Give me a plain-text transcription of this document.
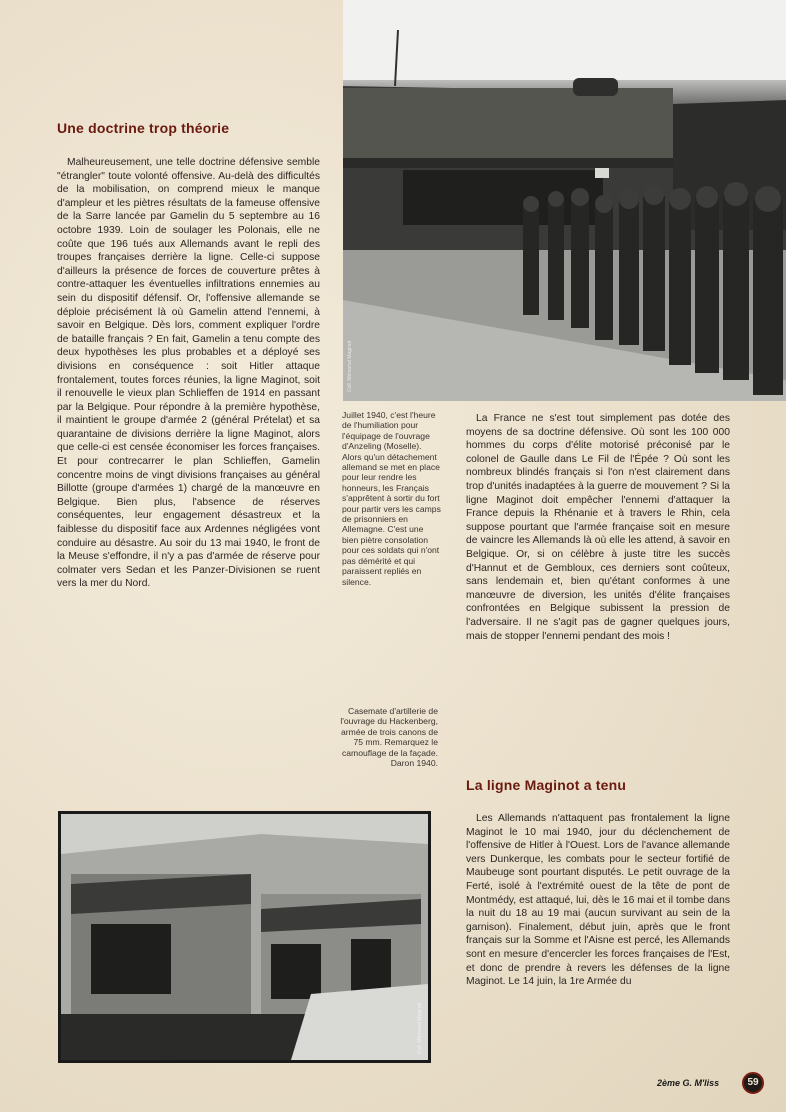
Coll. Mémorial Maginot
Une doctrine trop théorie

Malheureusement, une telle doctrine défensive semble "étrangler" toute volonté offensive. Au-delà des difficultés de la mobilisation, on comprend mieux le manque d'ampleur et les piètres résultats de la fameuse offensive de la Sarre lancée par Gamelin du 5 septembre au 16 octobre 1939. Loin de soulager les Polonais, elle ne coûte que 196 tués aux Allemands avant le repli des troupes françaises derrière la ligne. Celle-ci suppose d'ailleurs la présence de forces de couverture prêtes à contre-attaquer les éventuelles infiltrations ennemies au sein du dispositif défensif. Or, l'offensive allemande se déploie précisément là où Gamelin attend l'ennemi, à savoir en Belgique. Dès lors, comment expliquer l'ordre de bataille français ? En fait, Gamelin a tenu compte des deux hypothèses les plus probables et a déployé ses divisions en conséquence : soit Hitler attaque frontalement, toutes forces réunies, la ligne Maginot, soit il renouvelle le vieux plan Schlieffen de 1914 en passant par la Belgique. Pour répondre à la première hypothèse, il maintient le groupe d'armée 2 (général Prételat) et sa quarantaine de divisions derrière la ligne Maginot, alors que celle-ci est censée économiser les forces françaises. Et pour contrecarrer le plan Schlieffen, Gamelin concentre moins de vingt divisions françaises au général Billotte (groupe d'armées 1) chargé de la manœuvre en Belgique. Bien plus, l'absence de réserves conséquentes, leur engagement désastreux et la faiblesse du dispositif face aux Ardennes négligées vont conduire au désastre. Au soir du 13 mai 1940, le front de la Meuse s'effondre, il n'y a pas d'armée de réserve pour colmater vers Sedan et les Panzer-Divisionen se ruent vers la mer du Nord.

Juillet 1940, c'est l'heure de l'humiliation pour l'équipage de l'ouvrage d'Anzeling (Moselle). Alors qu'un détachement allemand se met en place pour leur rendre les honneurs, les Français s'apprêtent à sortir du fort pour partir vers les camps de prisonniers en Allemagne. C'est une bien piètre consolation pour ces soldats qui n'ont pas démérité et qui paraissent repliés en silence.
Casemate d'artillerie de l'ouvrage du Hackenberg, armée de trois canons de 75 mm. Remarquez le camouflage de la façade. Daron 1940.

La France ne s'est tout simplement pas dotée des moyens de sa doctrine défensive. Où sont les 100 000 hommes du corps d'élite motorisé préconisé par le colonel de Gaulle dans Le Fil de l'Épée ? Où sont les nombreux blindés français si l'on n'est clairement dans trop d'unités inadaptées à la guerre de mouvement ? Si la ligne Maginot doit empêcher l'ennemi d'attaquer la France depuis la Rhénanie et à travers le Rhin, cela suppose pourtant que l'armée française soit en mesure de vaincre les Allemands là où elle les attend, à savoir en Belgique. Or, si on célèbre à juste titre les succès d'Hannut et de Gembloux, ces derniers sont coûteux, sans lendemain et, bien qu'étant conformes à une manœuvre de diversion, les unités d'élite françaises confrontées en Belgique subissent la pression de l'adversaire. Il ne s'agit pas de gagner quelques jours, mais de stopper l'ennemi pendant des mois !

La ligne Maginot a tenu

Les Allemands n'attaquent pas frontalement la ligne Maginot le 10 mai 1940, jour du déclenchement de l'offensive de Hitler à l'Ouest. Lors de l'avance allemande vers Dunkerque, les combats pour le secteur fortifié de Maubeuge sont pourtant disputés. Le petit ouvrage de la Ferté, isolé à l'extrémité ouest de la tête de pont de Montmédy, est attaqué, lui, dès le 16 mai et il tombe dans la nuit du 18 au 19 mai (aucun survivant au sein de la garnison). Finalement, début juin, après que le front français sur la Somme et l'Aisne est percé, les Allemands sont en mesure d'encercler les forces françaises de l'Est, et donc de prendre à revers les défenses de la ligne Maginot. Le 14 juin, la 1re Armée du

Coll. Mémorial Maginot
2ème G. M'liss	59
